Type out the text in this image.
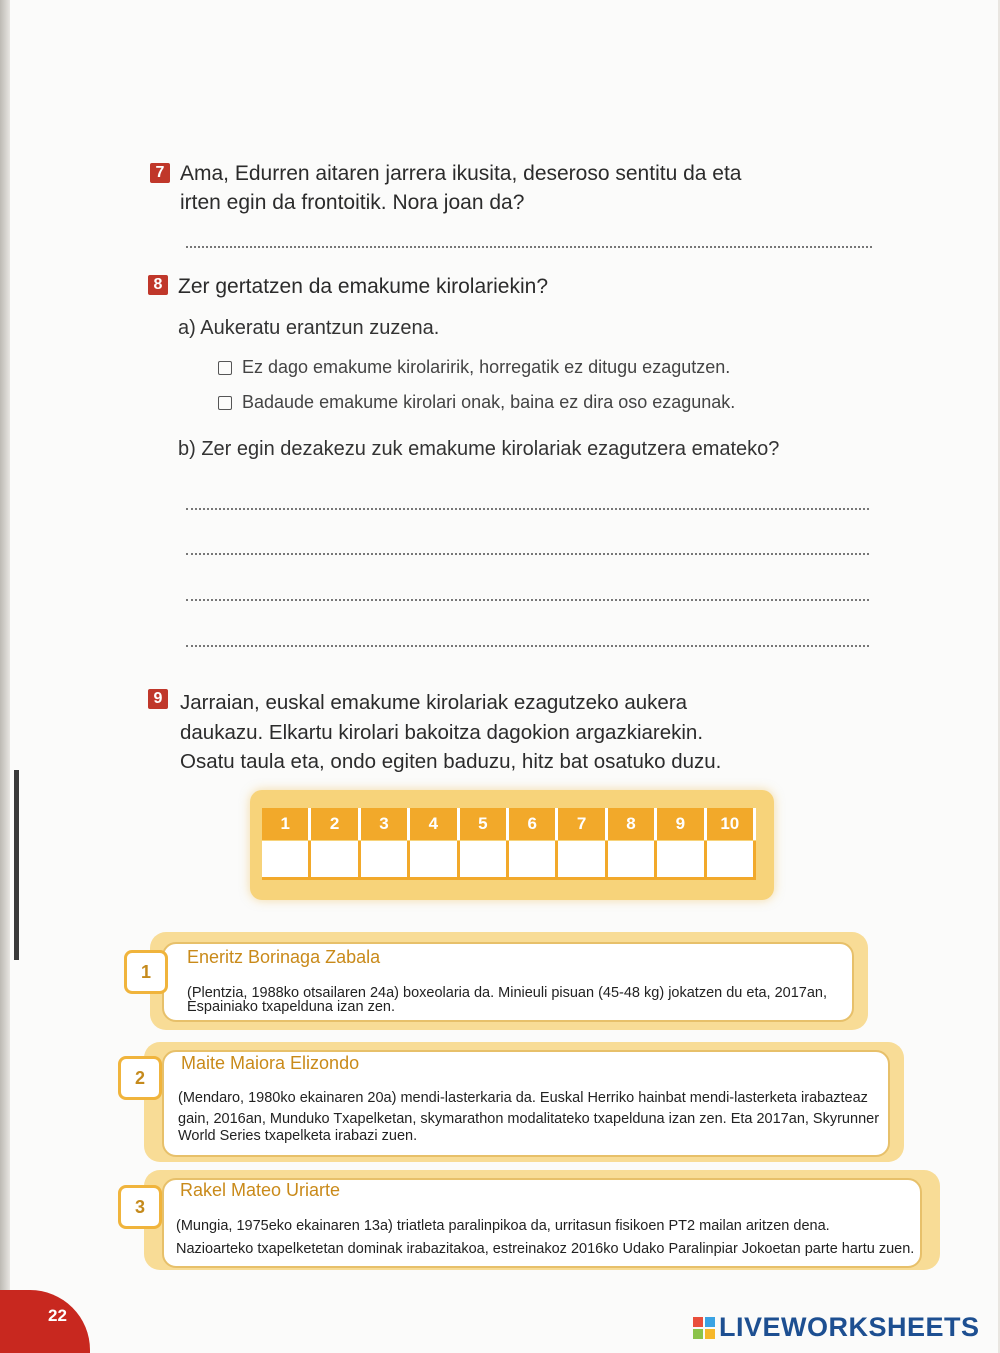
7 Ama, Edurren aitaren jarrera ikusita, deseroso sentitu da eta
irten egin da frontoitik. Nora joan da?
8 Zer gertatzen da emakume kirolariekin?
a) Aukeratu erantzun zuzena.
Ez dago emakume kirolaririk, horregatik ez ditugu ezagutzen.
Badaude emakume kirolari onak, baina ez dira oso ezagunak.
b) Zer egin dezakezu zuk emakume kirolariak ezagutzera emateko?
9 Jarraian, euskal emakume kirolariak ezagutzeko aukera
daukazu. Elkartu kirolari bakoitza dagokion argazkiarekin.
Osatu taula eta, ondo egiten baduzu, hitz bat osatuko duzu.
1	2	3	4	5	6	7	8	9	10
1
Eneritz Borinaga Zabala
(Plentzia, 1988ko otsailaren 24a) boxeolaria da. Minieuli pisuan (45-48 kg) jokatzen du eta, 2017an,
Espainiako txapelduna izan zen.
2
Maite Maiora Elizondo
(Mendaro, 1980ko ekainaren 20a) mendi-lasterkaria da. Euskal Herriko hainbat mendi-lasterketa irabazteaz
gain, 2016an, Munduko Txapelketan, skymarathon modalitateko txapelduna izan zen. Eta 2017an, Skyrunner
World Series txapelketa irabazi zuen.
3
Rakel Mateo Uriarte
(Mungia, 1975eko ekainaren 13a) triatleta paralinpikoa da, urritasun fisikoen PT2 mailan aritzen dena.
Nazioarteko txapelketetan dominak irabazitakoa, estreinakoz 2016ko Udako Paralinpiar Jokoetan parte hartu zuen.
22	LIVEWORKSHEETS
